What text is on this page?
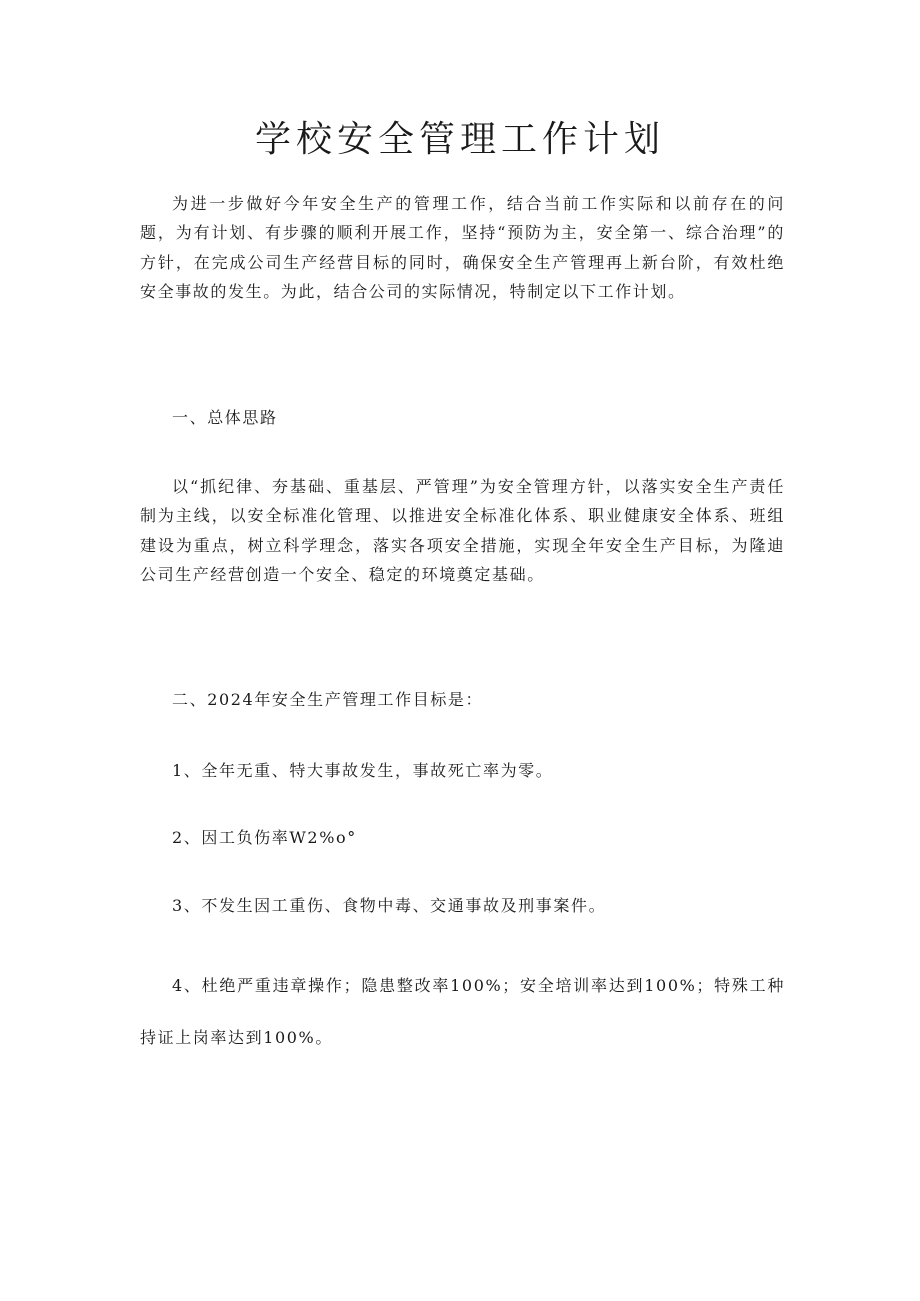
学校安全管理工作计划

为进一步做好今年安全生产的管理工作，结合当前工作实际和以前存在的问题，为有计划、有步骤的顺利开展工作，坚持“预防为主，安全第一、综合治理”的方针，在完成公司生产经营目标的同时，确保安全生产管理再上新台阶，有效杜绝安全事故的发生。为此，结合公司的实际情况，特制定以下工作计划。

一、总体思路

以“抓纪律、夯基础、重基层、严管理”为安全管理方针，以落实安全生产责任制为主线，以安全标准化管理、以推进安全标准化体系、职业健康安全体系、班组建设为重点，树立科学理念，落实各项安全措施，实现全年安全生产目标，为隆迪公司生产经营创造一个安全、稳定的环境奠定基础。

二、2024年安全生产管理工作目标是：

1、全年无重、特大事故发生，事故死亡率为零。

2、因工负伤率W2%o°

3、不发生因工重伤、食物中毒、交通事故及刑事案件。

4、杜绝严重违章操作；隐患整改率100%；安全培训率达到100%；特殊工种持证上岗率达到100%。
